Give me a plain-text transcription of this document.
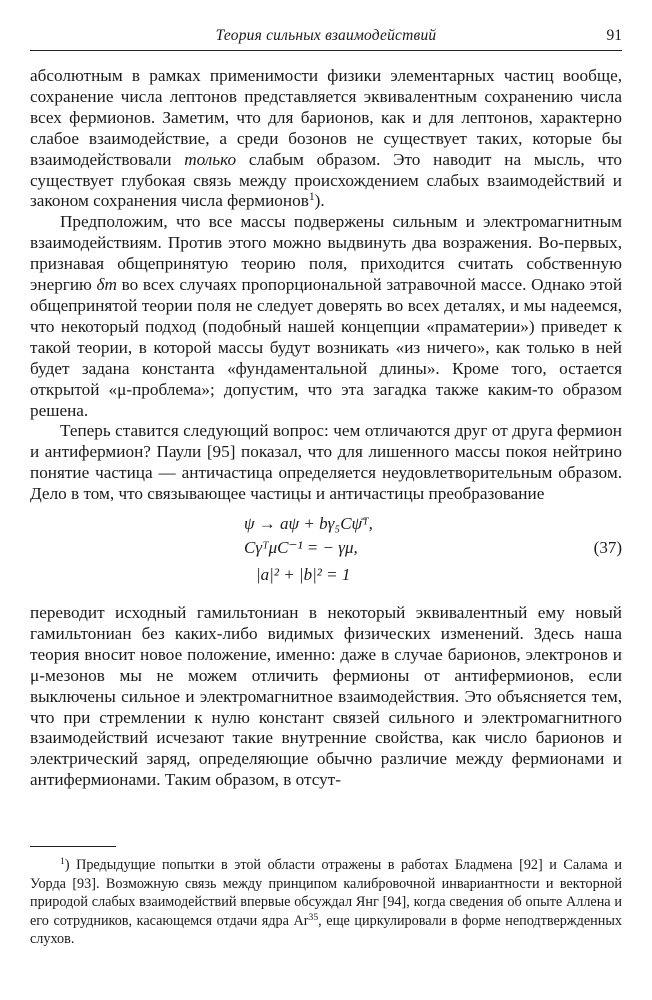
Теория сильных взаимодействий	91

абсолютным в рамках применимости физики элементарных частиц вообще, сохранение числа лептонов представляется эквивалентным сохранению числа всех фермионов. Заметим, что для барионов, как и для лептонов, характерно слабое взаимодействие, а среди бозонов не существует таких, которые бы взаимодействовали только слабым образом. Это наводит на мысль, что существует глубокая связь между происхождением слабых взаимодействий и законом сохранения числа фермионов$^1$).

Предположим, что все массы подвержены сильным и электромагнитным взаимодействиям. Против этого можно выдвинуть два возражения. Во-первых, признавая общепринятую теорию поля, приходится считать собственную энергию δm во всех случаях пропорциональной затравочной массе. Однако этой общепринятой теории поля не следует доверять во всех деталях, и мы надеемся, что некоторый подход (подобный нашей концепции «праматерии») приведет к такой теории, в которой массы будут возникать «из ничего», как только в ней будет задана константа «фундаментальной длины». Кроме того, остается открытой «μ-проблема»; допустим, что эта загадка также каким-то образом решена.

Теперь ставится следующий вопрос: чем отличаются друг от друга фермион и антифермион? Паули [95] показал, что для лишенного массы покоя нейтрино понятие частица — античастица определяется неудовлетворительным образом. Дело в том, что связывающее частицы и античастицы преобразование

ψ → aψ + bγ₅Cψ̄ᵀ,
CγᵀμC⁻¹ = − γμ,
|a|² + |b|² = 1
(37)

переводит исходный гамильтониан в некоторый эквивалентный ему новый гамильтониан без каких-либо видимых физических изменений. Здесь наша теория вносит новое положение, именно: даже в случае барионов, электронов и μ-мезонов мы не можем отличить фермионы от антифермионов, если выключены сильное и электромагнитное взаимодействия. Это объясняется тем, что при стремлении к нулю констант связей сильного и электромагнитного взаимодействий исчезают такие внутренние свойства, как число барионов и электрический заряд, определяющие обычно различие между фермионами и антифермионами. Таким образом, в отсут-

$^1$) Предыдущие попытки в этой области отражены в работах Бладмена [92] и Салама и Уорда [93]. Возможную связь между принципом калибровочной инвариантности и векторной природой слабых взаимодействий впервые обсуждал Янг [94], когда сведения об опыте Аллена и его сотрудников, касающемся отдачи ядра Ar$^{35}$, еще циркулировали в форме неподтвержденных слухов.
